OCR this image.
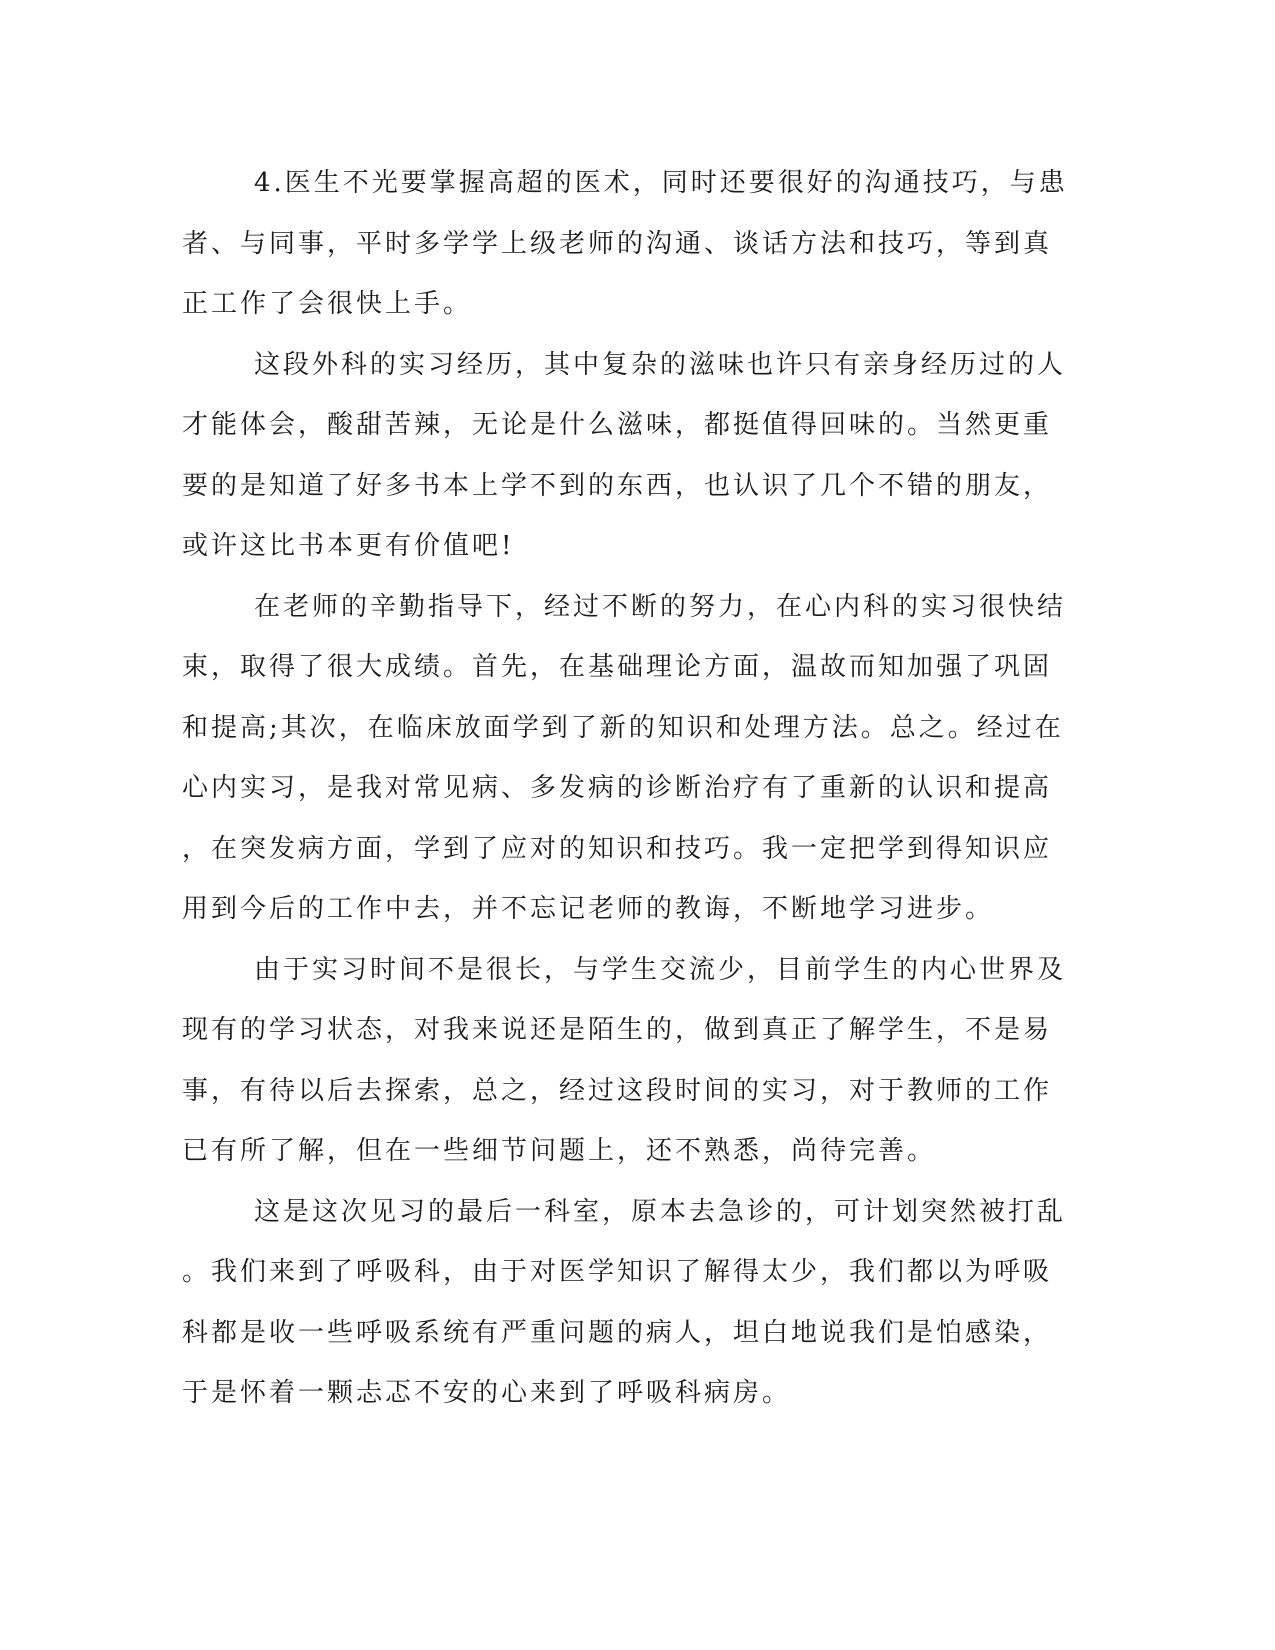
4.医生不光要掌握高超的医术，同时还要很好的沟通技巧，与患
者、与同事，平时多学学上级老师的沟通、谈话方法和技巧，等到真
正工作了会很快上手。
这段外科的实习经历，其中复杂的滋味也许只有亲身经历过的人
才能体会，酸甜苦辣，无论是什么滋味，都挺值得回味的。当然更重
要的是知道了好多书本上学不到的东西，也认识了几个不错的朋友，
或许这比书本更有价值吧!
在老师的辛勤指导下，经过不断的努力，在心内科的实习很快结
束，取得了很大成绩。首先，在基础理论方面，温故而知加强了巩固
和提高;其次，在临床放面学到了新的知识和处理方法。总之。经过在
心内实习，是我对常见病、多发病的诊断治疗有了重新的认识和提高
，在突发病方面，学到了应对的知识和技巧。我一定把学到得知识应
用到今后的工作中去，并不忘记老师的教诲，不断地学习进步。
由于实习时间不是很长，与学生交流少，目前学生的内心世界及
现有的学习状态，对我来说还是陌生的，做到真正了解学生，不是易
事，有待以后去探索，总之，经过这段时间的实习，对于教师的工作
已有所了解，但在一些细节问题上，还不熟悉，尚待完善。
这是这次见习的最后一科室，原本去急诊的，可计划突然被打乱
。我们来到了呼吸科，由于对医学知识了解得太少，我们都以为呼吸
科都是收一些呼吸系统有严重问题的病人，坦白地说我们是怕感染，
于是怀着一颗忐忑不安的心来到了呼吸科病房。
